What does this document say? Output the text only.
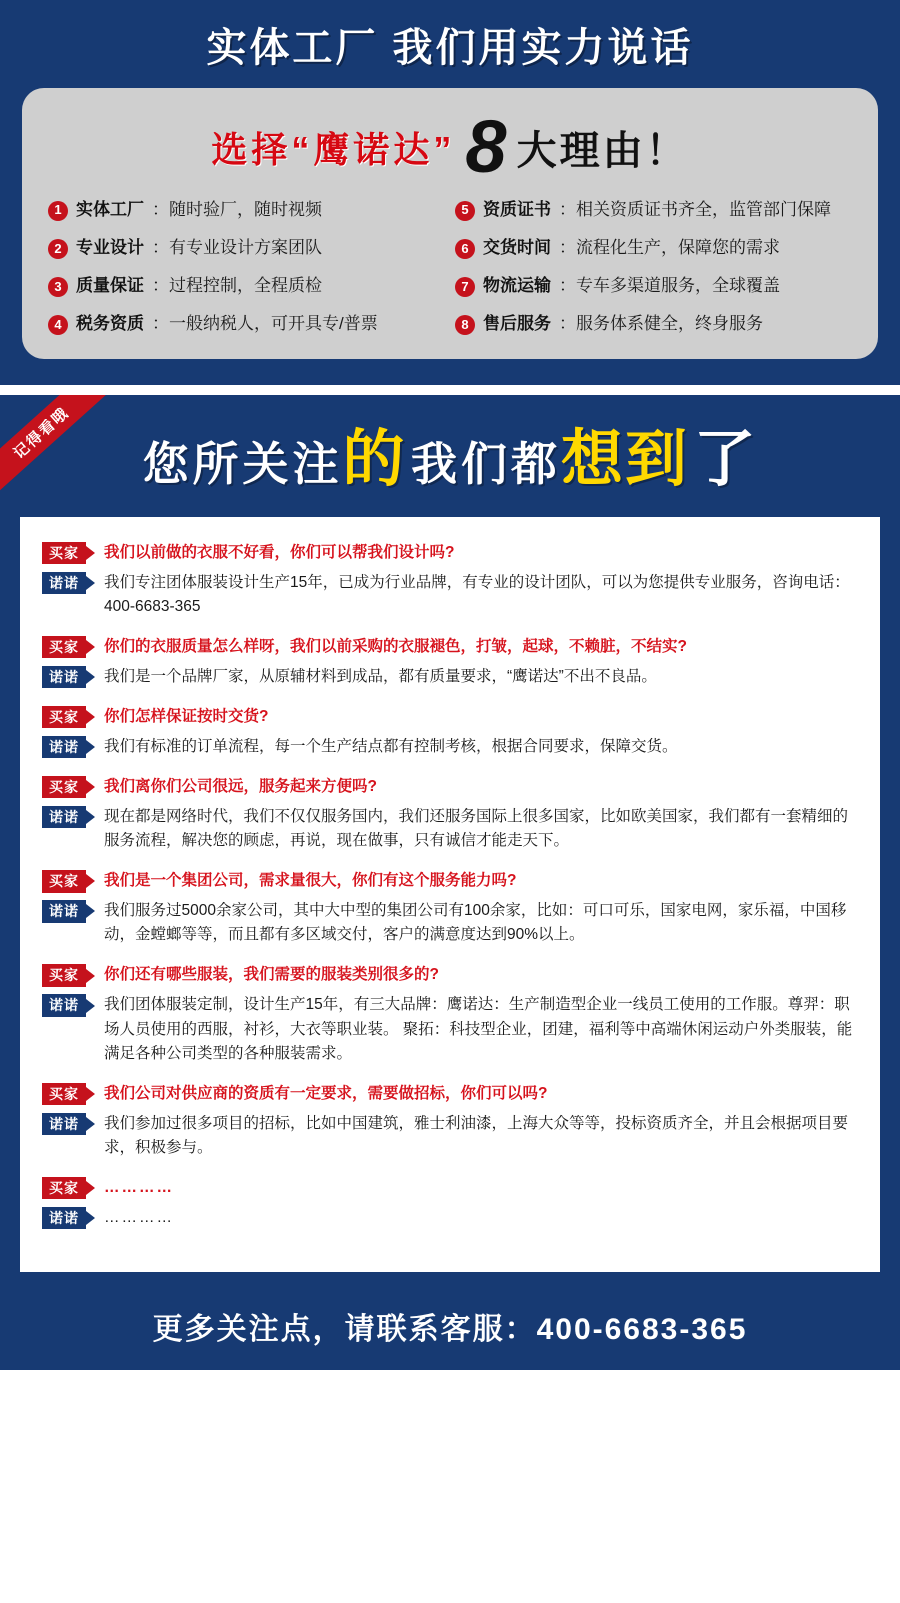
实体工厂 我们用实力说话
选择“鹰诺达” 8 大理由！
1 实体工厂 ：随时验厂，随时视频	5 资质证书 ：相关资质证书齐全，监管部门保障
2 专业设计 ：有专业设计方案团队	6 交货时间 ：流程化生产，保障您的需求
3 质量保证 ：过程控制，全程质检	7 物流运输 ：专车多渠道服务，全球覆盖
4 税务资质 ：一般纳税人，可开具专/普票	8 售后服务 ：服务体系健全，终身服务
记得看哦
您所关注的 我们都想到 了
买家	我们以前做的衣服不好看，你们可以帮我们设计吗?
诺诺	我们专注团体服装设计生产15年，已成为行业品牌，有专业的设计团队，可以为您提供专业服务，咨询电话：400-6683-365
买家	你们的衣服质量怎么样呀，我们以前采购的衣服褪色，打皱，起球，不赖脏，不结实?
诺诺	我们是一个品牌厂家，从原辅材料到成品，都有质量要求，“鹰诺达”不出不良品。
买家	你们怎样保证按时交货?
诺诺	我们有标准的订单流程，每一个生产结点都有控制考核，根据合同要求，保障交货。
买家	我们离你们公司很远，服务起来方便吗?
诺诺	现在都是网络时代，我们不仅仅服务国内，我们还服务国际上很多国家，比如欧美国家，我们都有一套精细的服务流程，解决您的顾虑，再说，现在做事，只有诚信才能走天下。
买家	我们是一个集团公司，需求量很大，你们有这个服务能力吗?
诺诺	我们服务过5000余家公司，其中大中型的集团公司有100余家，比如：可口可乐，国家电网，家乐福，中国移动，金螳螂等等，而且都有多区域交付，客户的满意度达到90%以上。
买家	你们还有哪些服装，我们需要的服装类别很多的?
诺诺	我们团体服装定制，设计生产15年，有三大品牌：鹰诺达：生产制造型企业一线员工使用的工作服。尊羿：职场人员使用的西服，衬衫，大衣等职业装。 聚拓：科技型企业，团建，福利等中高端休闲运动户外类服装，能满足各种公司类型的各种服装需求。
买家	我们公司对供应商的资质有一定要求，需要做招标，你们可以吗?
诺诺	我们参加过很多项目的招标，比如中国建筑，雅士利油漆，上海大众等等，投标资质齐全，并且会根据项目要求，积极参与。
买家	…………
诺诺	…………
更多关注点，请联系客服：400-6683-365
